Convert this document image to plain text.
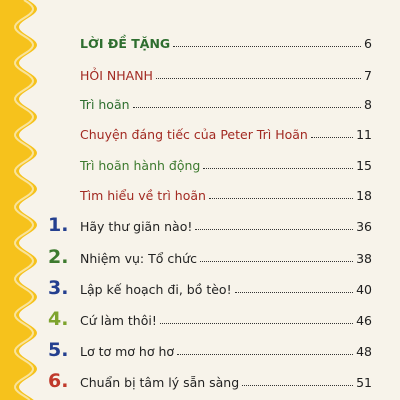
LỜI ĐỀ TẶNG	6
HỎI NHANH	7
Trì hoãn	8
Chuyện đáng tiếc của Peter Trì Hoãn	11
Trì hoãn hành động	15
Tìm hiểu về trì hoãn	18
1. Hãy thư giãn nào!	36
2. Nhiệm vụ: Tổ chức	38
3. Lập kế hoạch đi, bồ tèo!	40
4. Cứ làm thôi!	46
5. Lơ tơ mơ hơ hơ	48
6. Chuẩn bị tâm lý sẵn sàng	51
